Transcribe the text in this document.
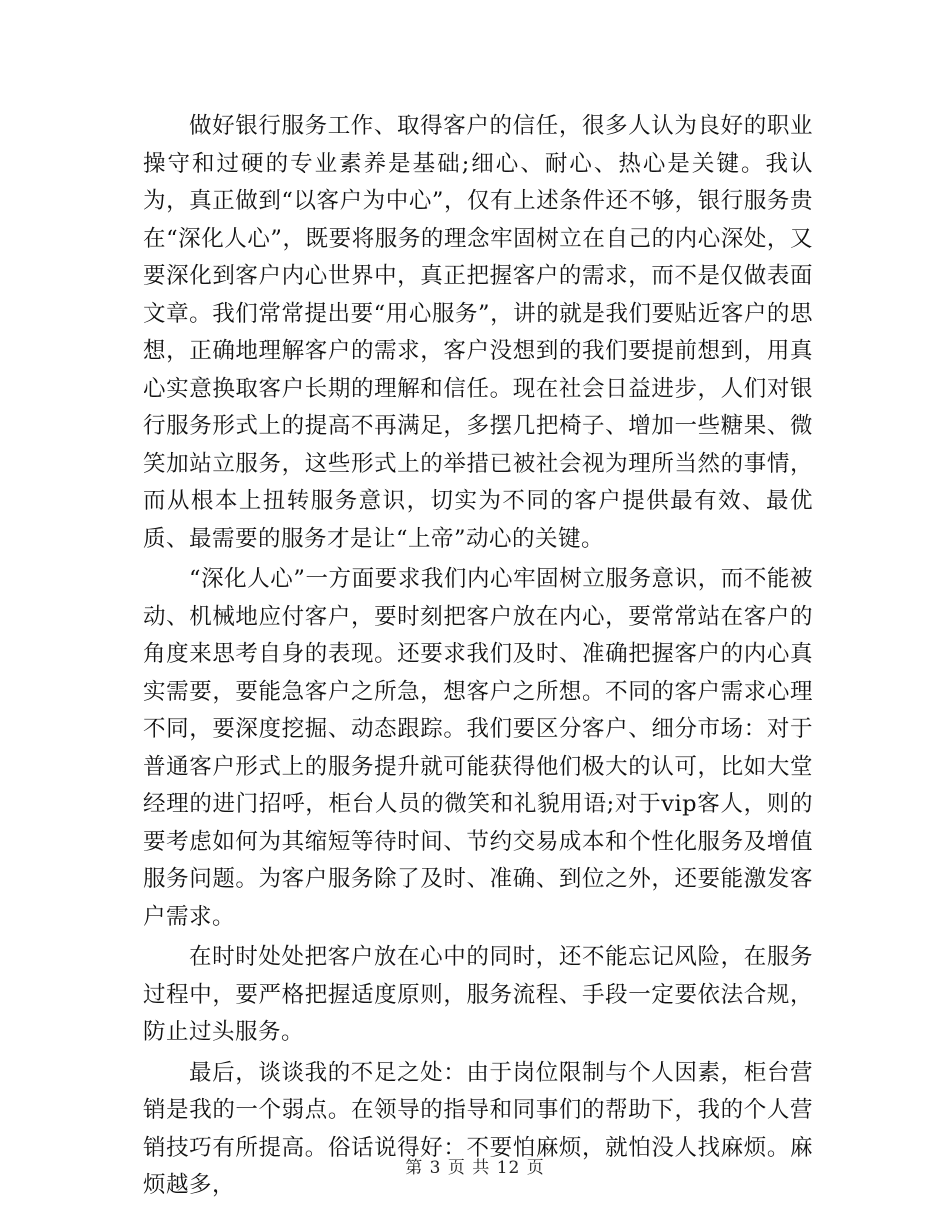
做好银行服务工作、取得客户的信任，很多人认为良好的职业操守和过硬的专业素养是基础;细心、耐心、热心是关键。我认为，真正做到“以客户为中心”，仅有上述条件还不够，银行服务贵在“深化人心”，既要将服务的理念牢固树立在自己的内心深处，又要深化到客户内心世界中，真正把握客户的需求，而不是仅做表面文章。我们常常提出要“用心服务”，讲的就是我们要贴近客户的思想，正确地理解客户的需求，客户没想到的我们要提前想到，用真心实意换取客户长期的理解和信任。现在社会日益进步，人们对银行服务形式上的提高不再满足，多摆几把椅子、增加一些糖果、微笑加站立服务，这些形式上的举措已被社会视为理所当然的事情，而从根本上扭转服务意识，切实为不同的客户提供最有效、最优质、最需要的服务才是让“上帝”动心的关键。

“深化人心”一方面要求我们内心牢固树立服务意识，而不能被动、机械地应付客户，要时刻把客户放在内心，要常常站在客户的角度来思考自身的表现。还要求我们及时、准确把握客户的内心真实需要，要能急客户之所急，想客户之所想。不同的客户需求心理不同，要深度挖掘、动态跟踪。我们要区分客户、细分市场：对于普通客户形式上的服务提升就可能获得他们极大的认可，比如大堂经理的进门招呼，柜台人员的微笑和礼貌用语;对于vip客人，则的要考虑如何为其缩短等待时间、节约交易成本和个性化服务及增值服务问题。为客户服务除了及时、准确、到位之外，还要能激发客户需求。

在时时处处把客户放在心中的同时，还不能忘记风险，在服务过程中，要严格把握适度原则，服务流程、手段一定要依法合规，防止过头服务。

最后，谈谈我的不足之处：由于岗位限制与个人因素，柜台营销是我的一个弱点。在领导的指导和同事们的帮助下，我的个人营销技巧有所提高。俗话说得好：不要怕麻烦，就怕没人找麻烦。麻烦越多，

第 3 页 共 12 页
